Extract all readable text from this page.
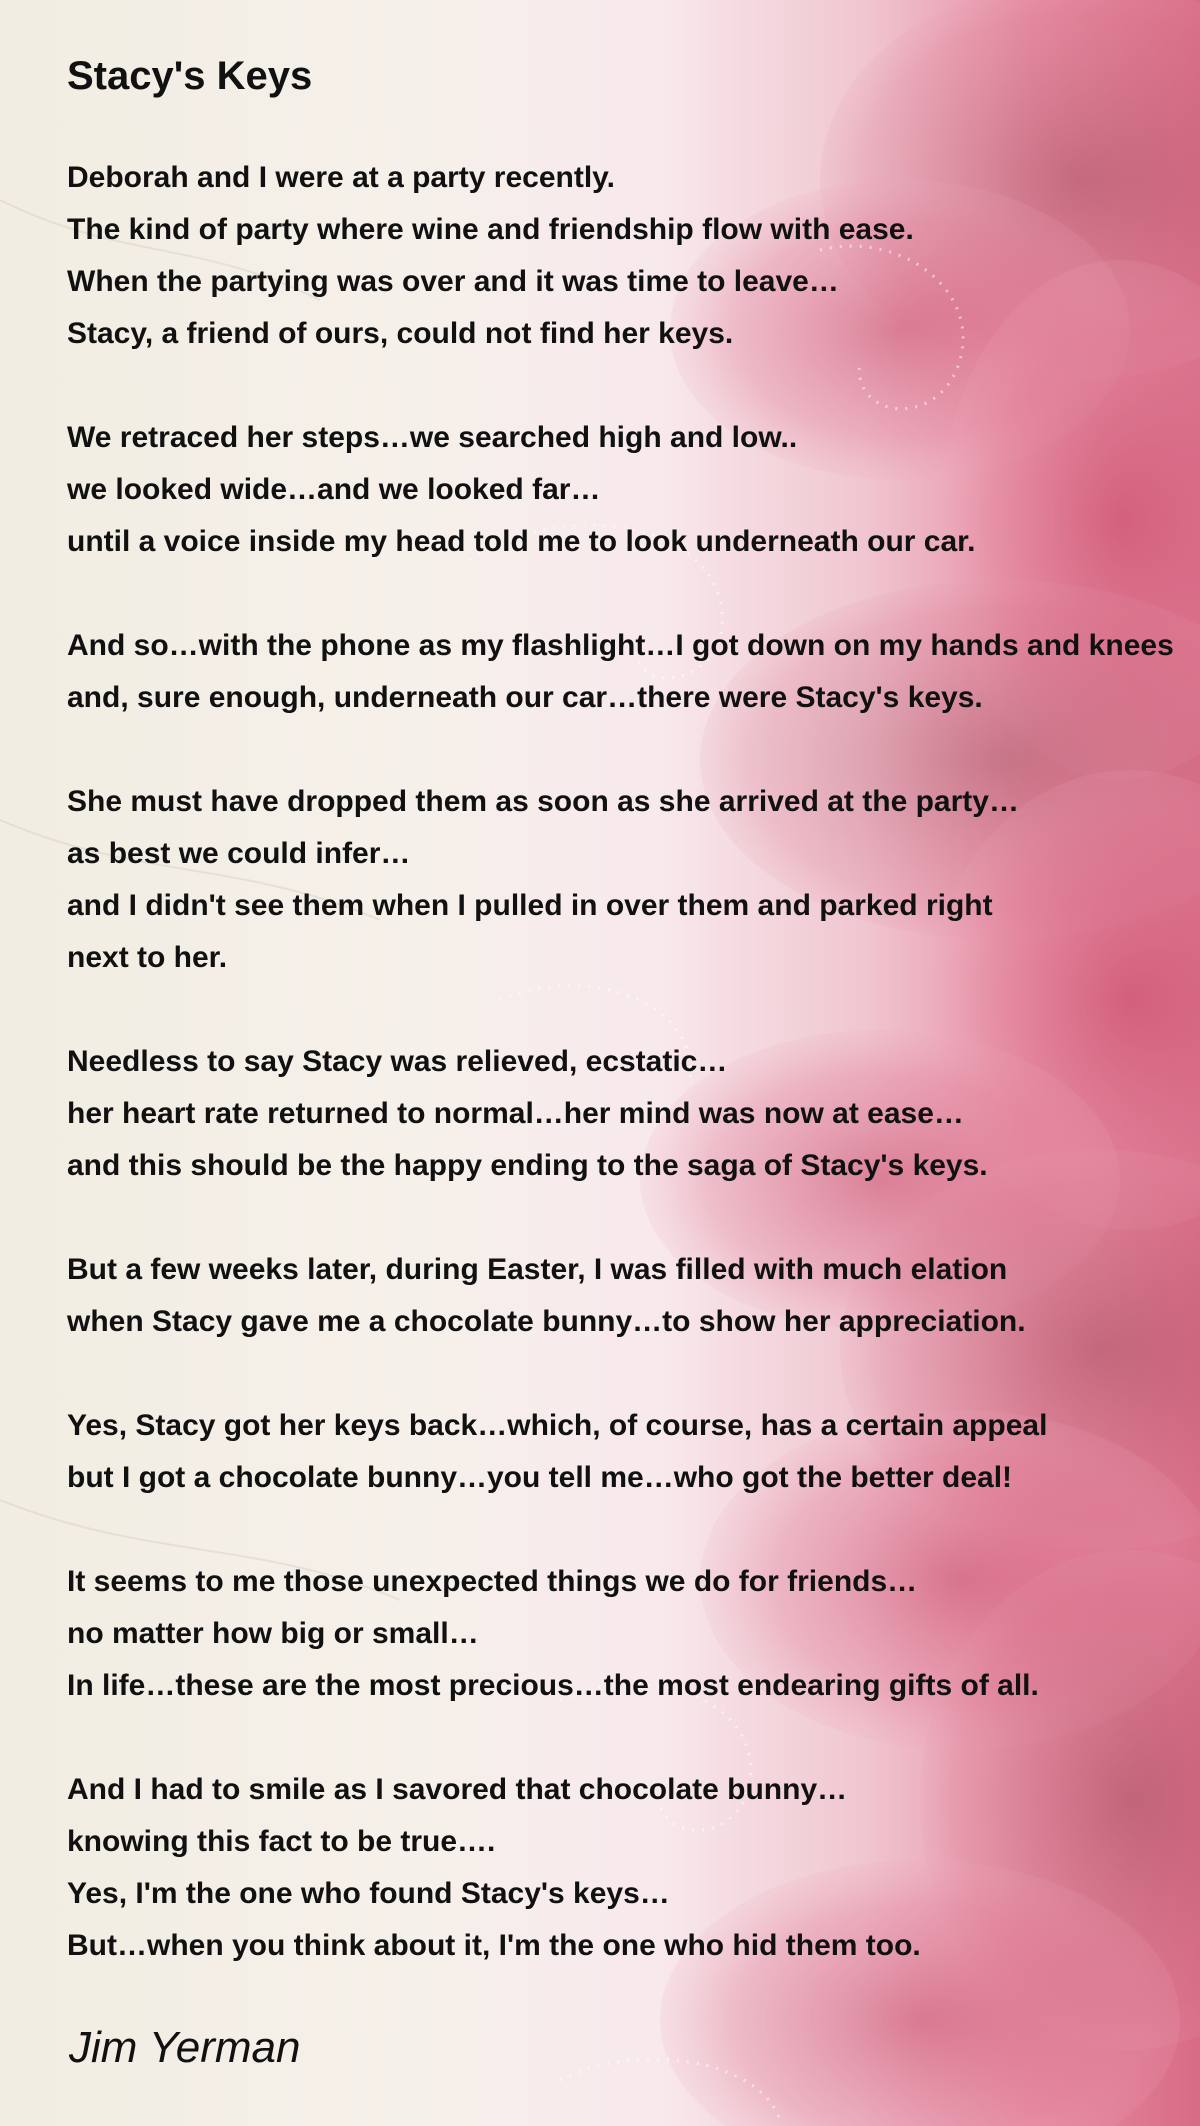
Stacy's Keys
Deborah and I were at a party recently.
The kind of party where wine and friendship flow with ease.
When the partying was over and it was time to leave…
Stacy, a friend of ours, could not find her keys.
We retraced her steps…we searched high and low..
we looked wide…and we looked far…
until a voice inside my head told me to look underneath our car.
And so…with the phone as my flashlight…I got down on my hands and knees
and, sure enough, underneath our car…there were Stacy's keys.
She must have dropped them as soon as she arrived at the party…
as best we could infer…
and I didn't see them when I pulled in over them and parked right
next to her.
Needless to say Stacy was relieved, ecstatic…
her heart rate returned to normal…her mind was now at ease…
and this should be the happy ending to the saga of Stacy's keys.
But a few weeks later, during Easter, I was filled with much elation
when Stacy gave me a chocolate bunny…to show her appreciation.
Yes, Stacy got her keys back…which, of course, has a certain appeal
but I got a chocolate bunny…you tell me…who got the better deal!
It seems to me those unexpected things we do for friends…
no matter how big or small…
In life…these are the most precious…the most endearing gifts of all.
And I had to smile as I savored that chocolate bunny…
knowing this fact to be true….
Yes, I'm the one who found Stacy's keys…
But…when you think about it, I'm the one who hid them too.
Jim Yerman
